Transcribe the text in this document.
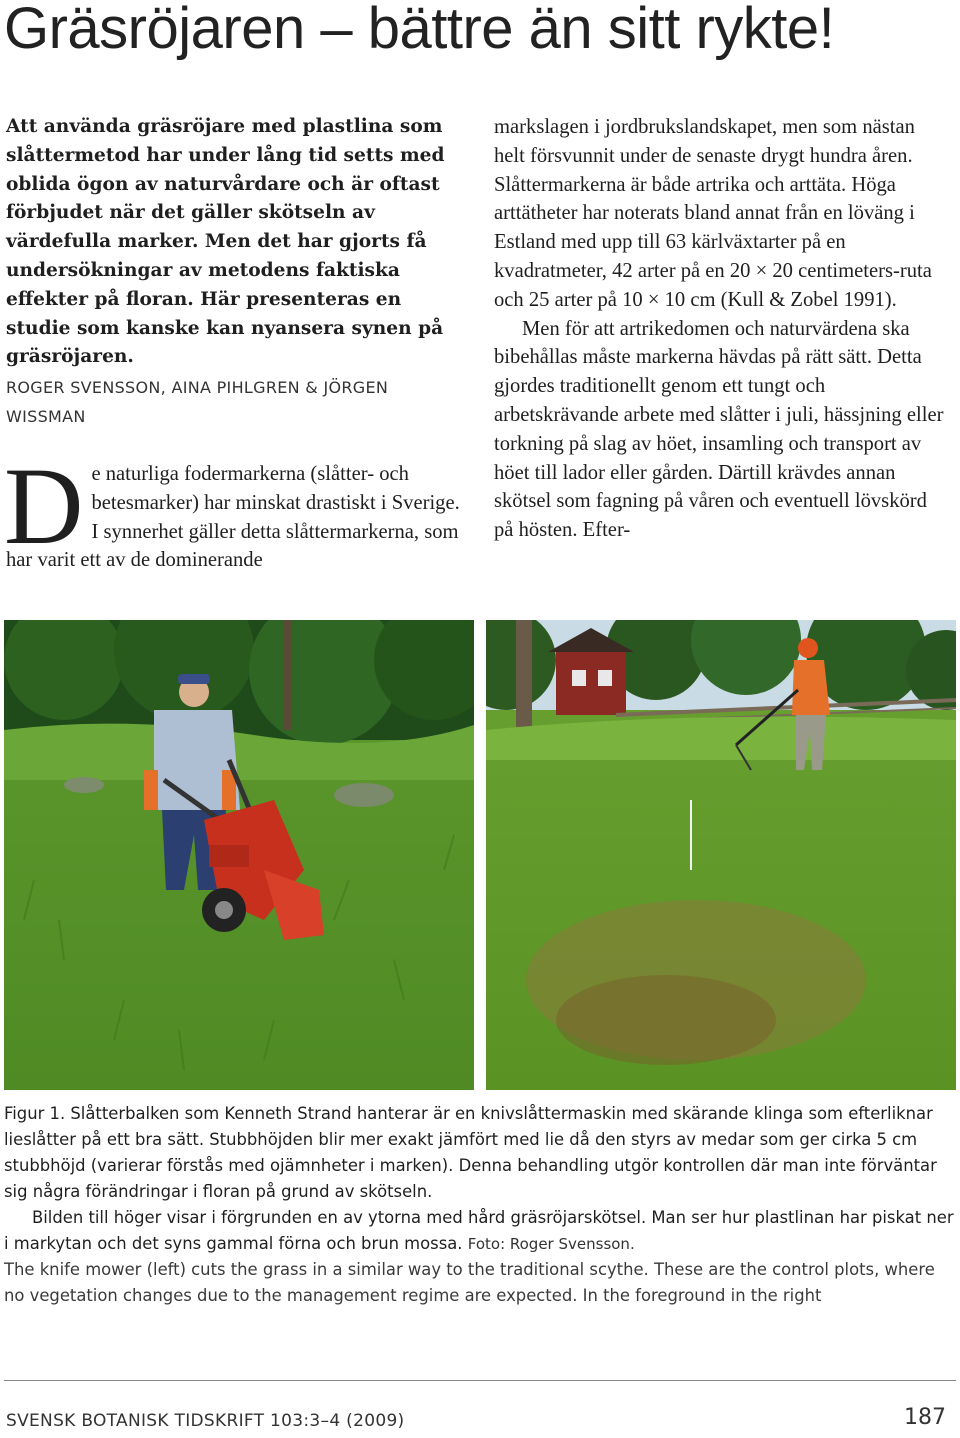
Gräsröjaren – bättre än sitt rykte!
Att använda gräsröjare med plastlina som slåttermetod har under lång tid setts med oblida ögon av naturvårdare och är oftast förbjudet när det gäller skötseln av värdefulla marker. Men det har gjorts få undersökningar av metodens faktiska effekter på floran. Här presenteras en studie som kanske kan nyansera synen på gräsröjaren.
ROGER SVENSSON, AINA PIHLGREN & JÖRGEN WISSMAN
De naturliga fodermarkerna (slåtter- och betesmarker) har minskat drastiskt i Sverige. I synnerhet gäller detta slåttermarkerna, som har varit ett av de dominerande

markslagen i jordbrukslandskapet, men som nästan helt försvunnit under de senaste drygt hundra åren. Slåttermarkerna är både artrika och arttäta. Höga arttätheter har noterats bland annat från en löväng i Estland med upp till 63 kärlväxtarter på en kvadratmeter, 42 arter på en 20 × 20 centimeters-ruta och 25 arter på 10 × 10 cm (Kull & Zobel 1991).

Men för att artrikedomen och naturvärdena ska bibehållas måste markerna hävdas på rätt sätt. Detta gjordes traditionellt genom ett tungt och arbetskrävande arbete med slåtter i juli, hässjning eller torkning på slag av höet, insamling och transport av höet till lador eller gården. Därtill krävdes annan skötsel som fagning på våren och eventuell lövskörd på hösten. Efter-

Figur 1. Slåtterbalken som Kenneth Strand hanterar är en knivslåttermaskin med skärande klinga som efterliknar lieslåtter på ett bra sätt. Stubbhöjden blir mer exakt jämfört med lie då den styrs av medar som ger cirka 5 cm stubbhöjd (varierar förstås med ojämnheter i marken). Denna behandling utgör kontrollen där man inte förväntar sig några förändringar i floran på grund av skötseln.

Bilden till höger visar i förgrunden en av ytorna med hård gräsröjarskötsel. Man ser hur plastlinan har piskat ner i markytan och det syns gammal förna och brun mossa. Foto: Roger Svensson.

The knife mower (left) cuts the grass in a similar way to the traditional scythe. These are the control plots, where no vegetation changes due to the management regime are expected. In the foreground in the right

SVENSK BOTANISK TIDSKRIFT 103:3–4 (2009)	187
